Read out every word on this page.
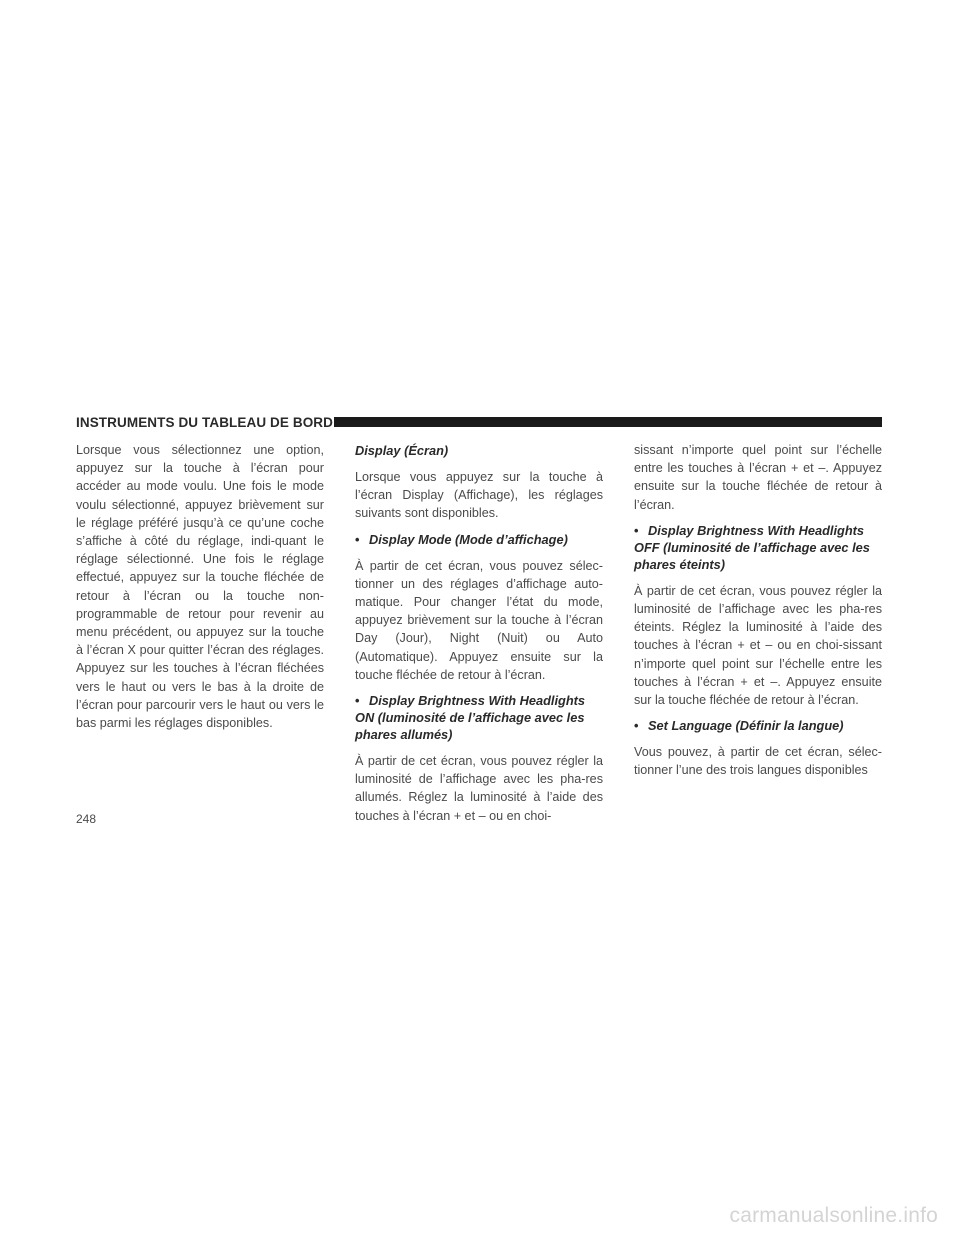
INSTRUMENTS DU TABLEAU DE BORD

Lorsque vous sélectionnez une option, appuyez sur la touche à l’écran pour accéder au mode voulu. Une fois le mode voulu sélectionné, appuyez brièvement sur le réglage préféré jusqu’à ce qu’une coche s’affiche à côté du réglage, indi-quant le réglage sélectionné. Une fois le réglage effectué, appuyez sur la touche fléchée de retour à l’écran ou la touche non-programmable de retour pour revenir au menu précédent, ou appuyez sur la touche à l’écran X pour quitter l’écran des réglages. Appuyez sur les touches à l’écran fléchées vers le haut ou vers le bas à la droite de l’écran pour parcourir vers le haut ou vers le bas parmi les réglages disponibles.

Display (Écran)

Lorsque vous appuyez sur la touche à l’écran Display (Affichage), les réglages suivants sont disponibles.

• Display Mode (Mode d’affichage)

À partir de cet écran, vous pouvez sélec-tionner un des réglages d’affichage auto-matique. Pour changer l’état du mode, appuyez brièvement sur la touche à l’écran Day (Jour), Night (Nuit) ou Auto (Automatique). Appuyez ensuite sur la touche fléchée de retour à l’écran.

• Display Brightness With Headlights ON (luminosité de l’affichage avec les phares allumés)

À partir de cet écran, vous pouvez régler la luminosité de l’affichage avec les pha-res allumés. Réglez la luminosité à l’aide des touches à l’écran + et – ou en choi-

sissant n’importe quel point sur l’échelle entre les touches à l’écran + et –. Appuyez ensuite sur la touche fléchée de retour à l’écran.

• Display Brightness With Headlights OFF (luminosité de l’affichage avec les phares éteints)

À partir de cet écran, vous pouvez régler la luminosité de l’affichage avec les pha-res éteints. Réglez la luminosité à l’aide des touches à l’écran + et – ou en choi-sissant n’importe quel point sur l’échelle entre les touches à l’écran + et –. Appuyez ensuite sur la touche fléchée de retour à l’écran.

• Set Language (Définir la langue)

Vous pouvez, à partir de cet écran, sélec-tionner l’une des trois langues disponibles

248
carmanualsonline.info
